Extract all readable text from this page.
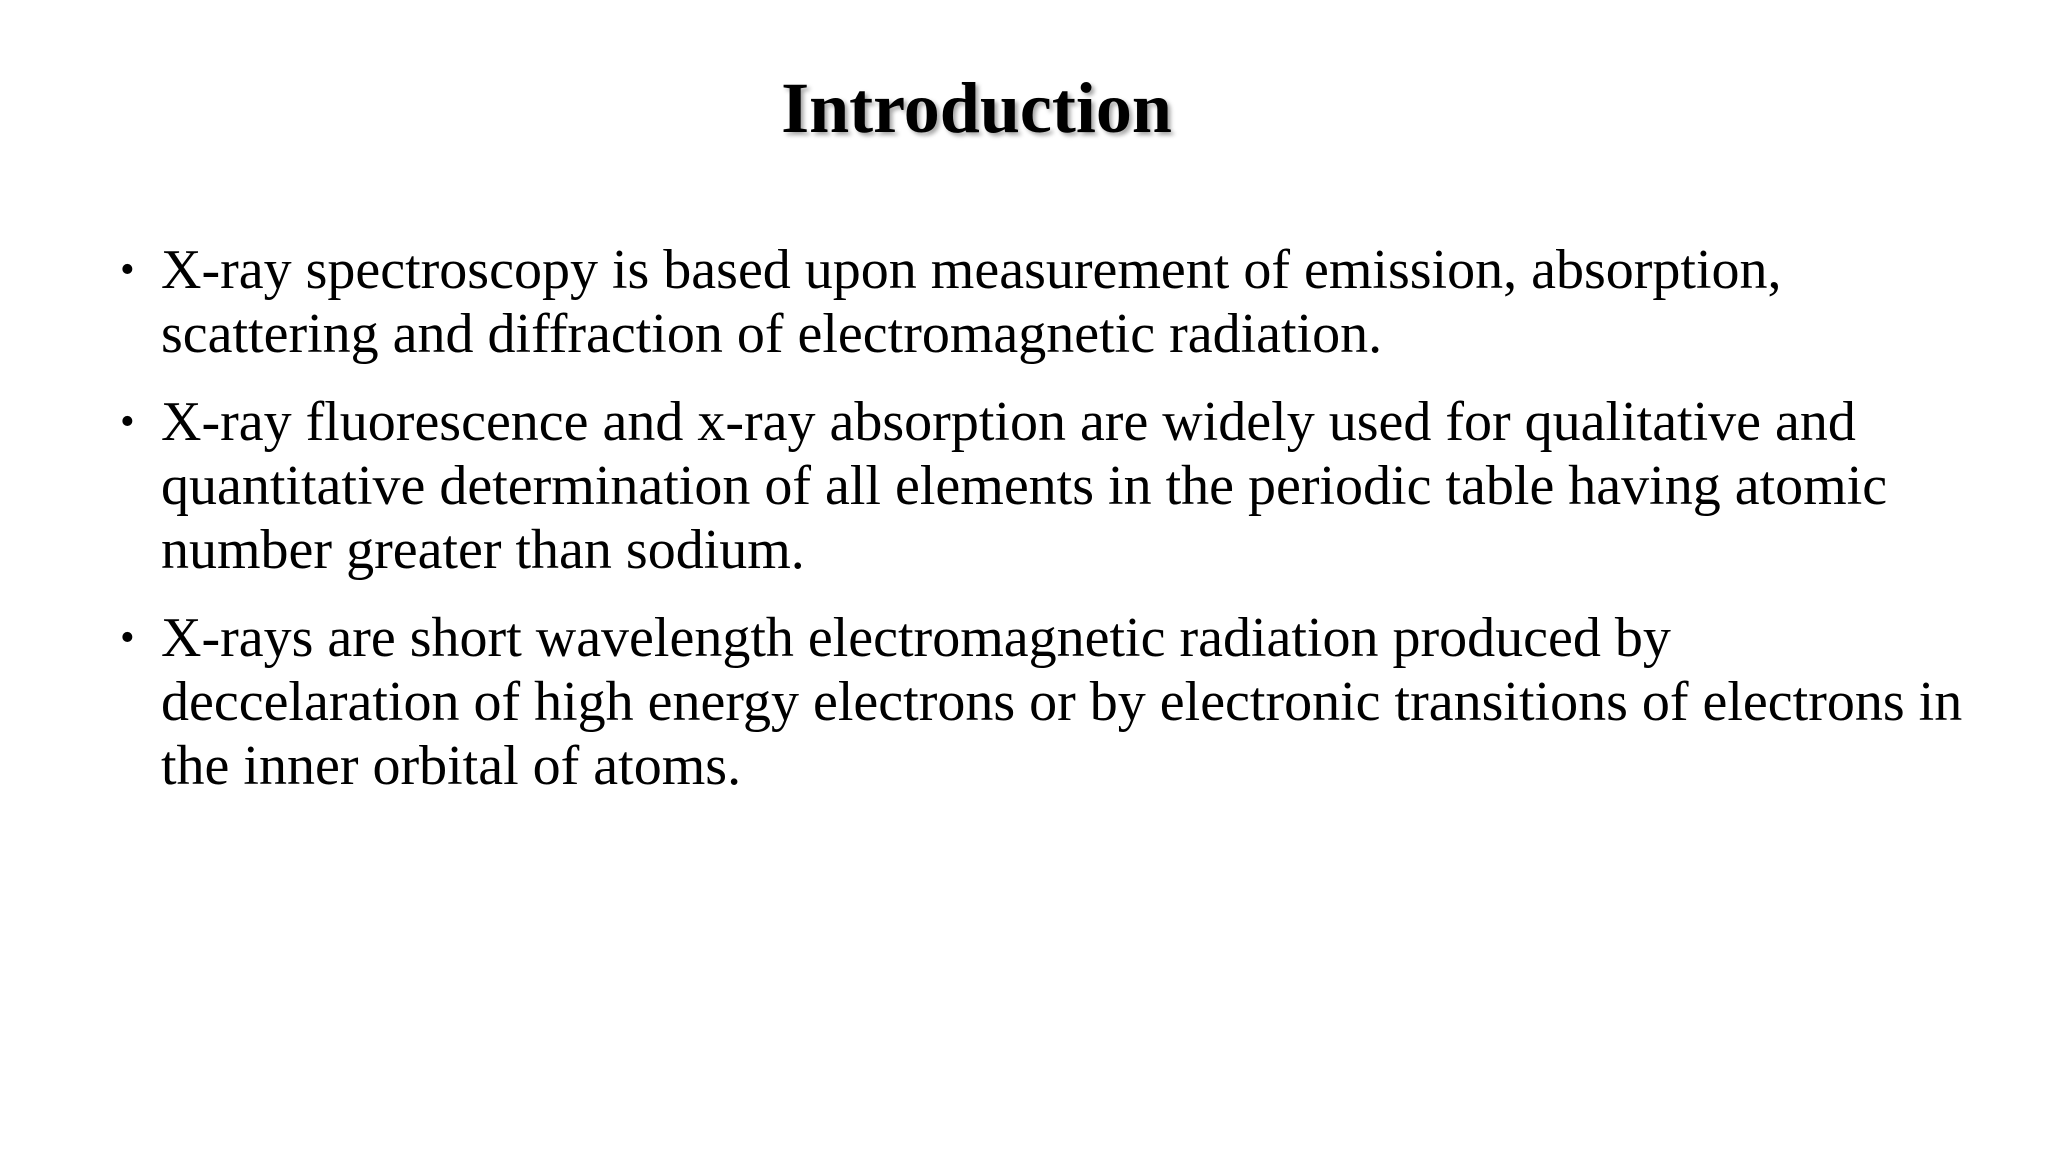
Introduction
• X-ray spectroscopy is based upon measurement of emission, absorption, scattering and diffraction of electromagnetic radiation.
• X-ray fluorescence and x-ray absorption are widely used for qualitative and quantitative determination of all elements in the periodic table having atomic number greater than sodium.
• X-rays are short wavelength electromagnetic radiation produced by deccelaration of high energy electrons or by electronic transitions of electrons in the inner orbital of atoms.
